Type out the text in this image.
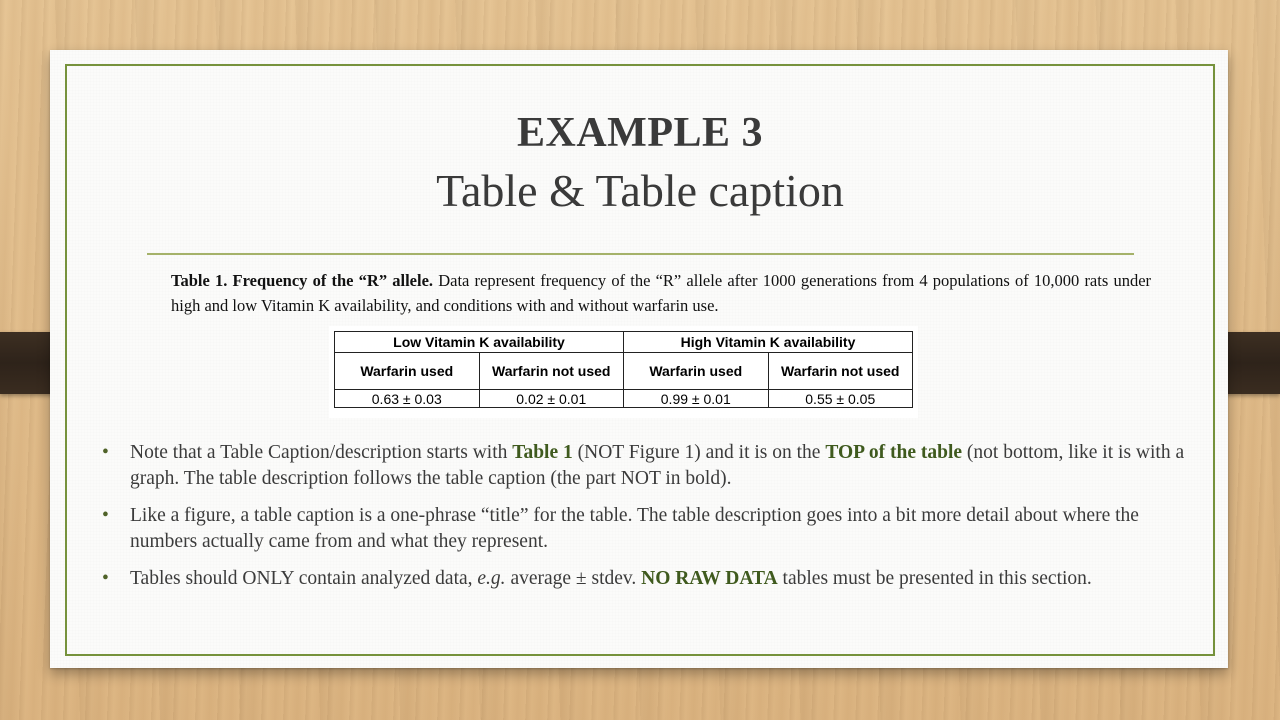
EXAMPLE 3
Table & Table caption
Table 1. Frequency of the “R” allele. Data represent frequency of the “R” allele after 1000 generations from 4 populations of 10,000 rats under high and low Vitamin K availability, and conditions with and without warfarin use.
Low Vitamin K availability		High Vitamin K availability	
Warfarin used	Warfarin not used	Warfarin used	Warfarin not used
0.63 ± 0.03	0.02 ± 0.01	0.99 ± 0.01	0.55 ± 0.05
• Note that a Table Caption/description starts with Table 1 (NOT Figure 1) and it is on the TOP of the table (not bottom, like it is with a graph. The table description follows the table caption (the part NOT in bold).
• Like a figure, a table caption is a one-phrase “title” for the table. The table description goes into a bit more detail about where the numbers actually came from and what they represent.
• Tables should ONLY contain analyzed data, e.g. average ± stdev. NO RAW DATA tables must be presented in this section.
